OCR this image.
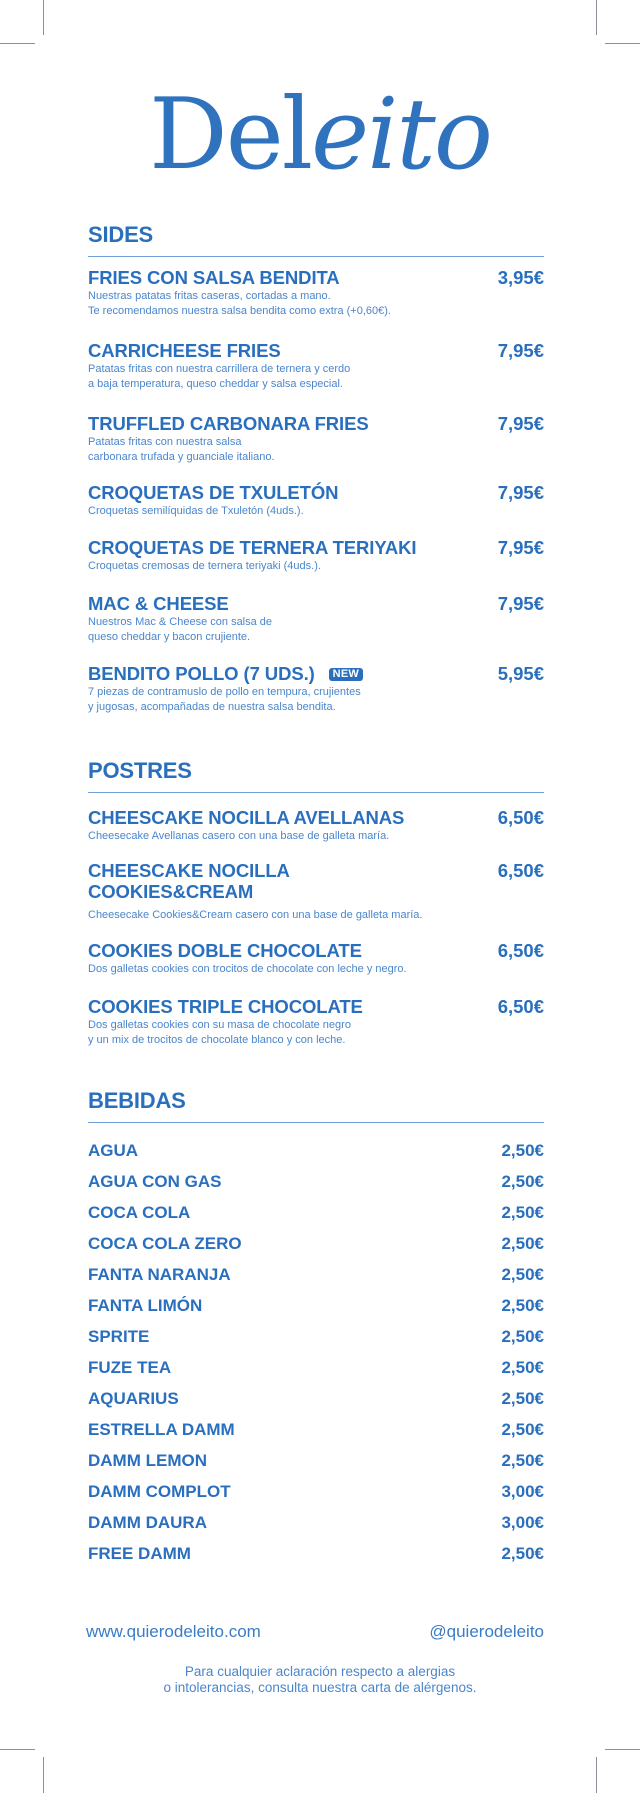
Deleito
SIDES
FRIES CON SALSA BENDITA	3,95€
Nuestras patatas fritas caseras, cortadas a mano.
Te recomendamos nuestra salsa bendita como extra (+0,60€).
CARRICHEESE FRIES	7,95€
Patatas fritas con nuestra carrillera de ternera y cerdo
a baja temperatura, queso cheddar y salsa especial.
TRUFFLED CARBONARA FRIES	7,95€
Patatas fritas con nuestra salsa
carbonara trufada y guanciale italiano.
CROQUETAS DE TXULETÓN	7,95€
Croquetas semilíquidas de Txuletón (4uds.).
CROQUETAS DE TERNERA TERIYAKI	7,95€
Croquetas cremosas de ternera teriyaki (4uds.).
MAC & CHEESE	7,95€
Nuestros Mac & Cheese con salsa de
queso cheddar y bacon crujiente.
BENDITO POLLO (7 UDS.) NEW	5,95€
7 piezas de contramuslo de pollo en tempura, crujientes
y jugosas, acompañadas de nuestra salsa bendita.
POSTRES
CHEESCAKE NOCILLA AVELLANAS	6,50€
Cheesecake Avellanas casero con una base de galleta maría.
CHEESCAKE NOCILLA
COOKIES&CREAM
6,50€
Cheesecake Cookies&Cream casero con una base de galleta maría.
COOKIES DOBLE CHOCOLATE	6,50€
Dos galletas cookies con trocitos de chocolate con leche y negro.
COOKIES TRIPLE CHOCOLATE	6,50€
Dos galletas cookies con su masa de chocolate negro
y un mix de trocitos de chocolate blanco y con leche.
BEBIDAS
AGUA	2,50€
AGUA CON GAS	2,50€
COCA COLA	2,50€
COCA COLA ZERO	2,50€
FANTA NARANJA	2,50€
FANTA LIMÓN	2,50€
SPRITE	2,50€
FUZE TEA	2,50€
AQUARIUS	2,50€
ESTRELLA DAMM	2,50€
DAMM LEMON	2,50€
DAMM COMPLOT	3,00€
DAMM DAURA	3,00€
FREE DAMM	2,50€
www.quierodeleito.com	@quierodeleito
Para cualquier aclaración respecto a alergias
o intolerancias, consulta nuestra carta de alérgenos.
